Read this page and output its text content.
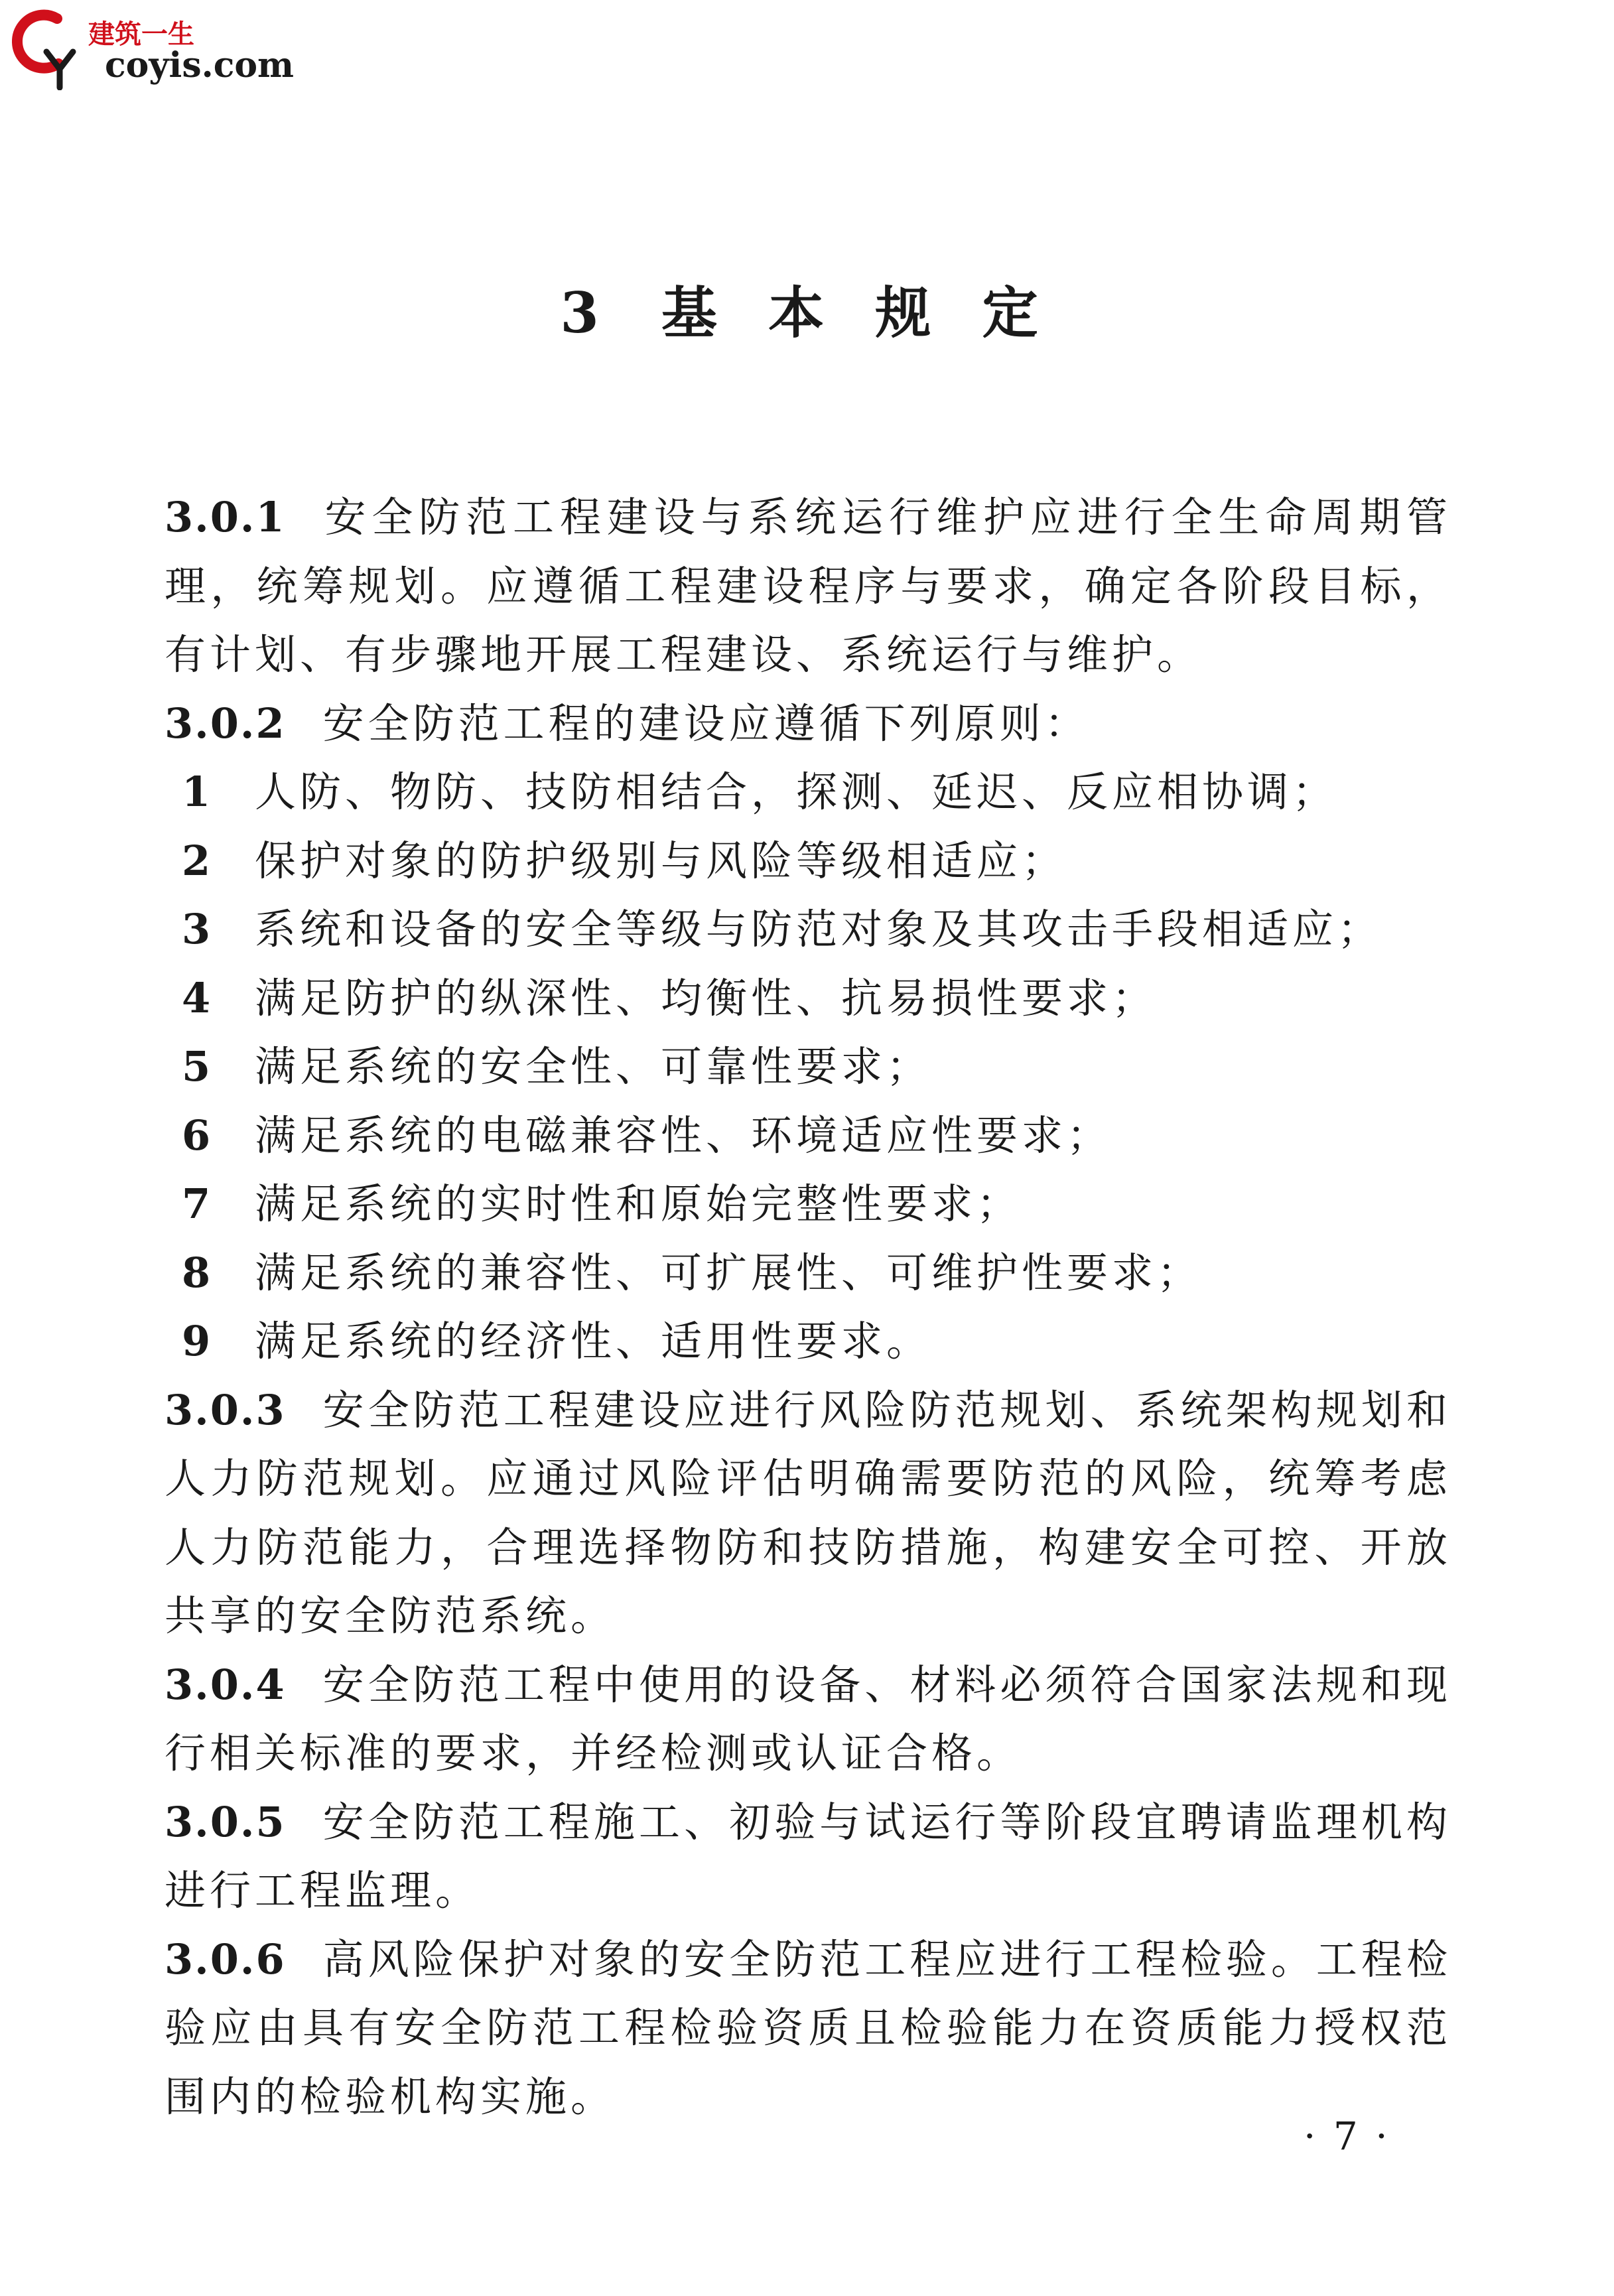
建筑一生
coyis.com
3 基 本 规 定

3.0.1 安全防范工程建设与系统运行维护应进行全生命周期管理，统筹规划。应遵循工程建设程序与要求，确定各阶段目标，有计划、有步骤地开展工程建设、系统运行与维护。

3.0.2 安全防范工程的建设应遵循下列原则：

1 人防、物防、技防相结合，探测、延迟、反应相协调；

2 保护对象的防护级别与风险等级相适应；

3 系统和设备的安全等级与防范对象及其攻击手段相适应；

4 满足防护的纵深性、均衡性、抗易损性要求；

5 满足系统的安全性、可靠性要求；

6 满足系统的电磁兼容性、环境适应性要求；

7 满足系统的实时性和原始完整性要求；

8 满足系统的兼容性、可扩展性、可维护性要求；

9 满足系统的经济性、适用性要求。

3.0.3 安全防范工程建设应进行风险防范规划、系统架构规划和人力防范规划。应通过风险评估明确需要防范的风险，统筹考虑人力防范能力，合理选择物防和技防措施，构建安全可控、开放共享的安全防范系统。

3.0.4 安全防范工程中使用的设备、材料必须符合国家法规和现行相关标准的要求，并经检测或认证合格。

3.0.5 安全防范工程施工、初验与试运行等阶段宜聘请监理机构进行工程监理。

3.0.6 高风险保护对象的安全防范工程应进行工程检验。工程检验应由具有安全防范工程检验资质且检验能力在资质能力授权范围内的检验机构实施。

· 7 ·
